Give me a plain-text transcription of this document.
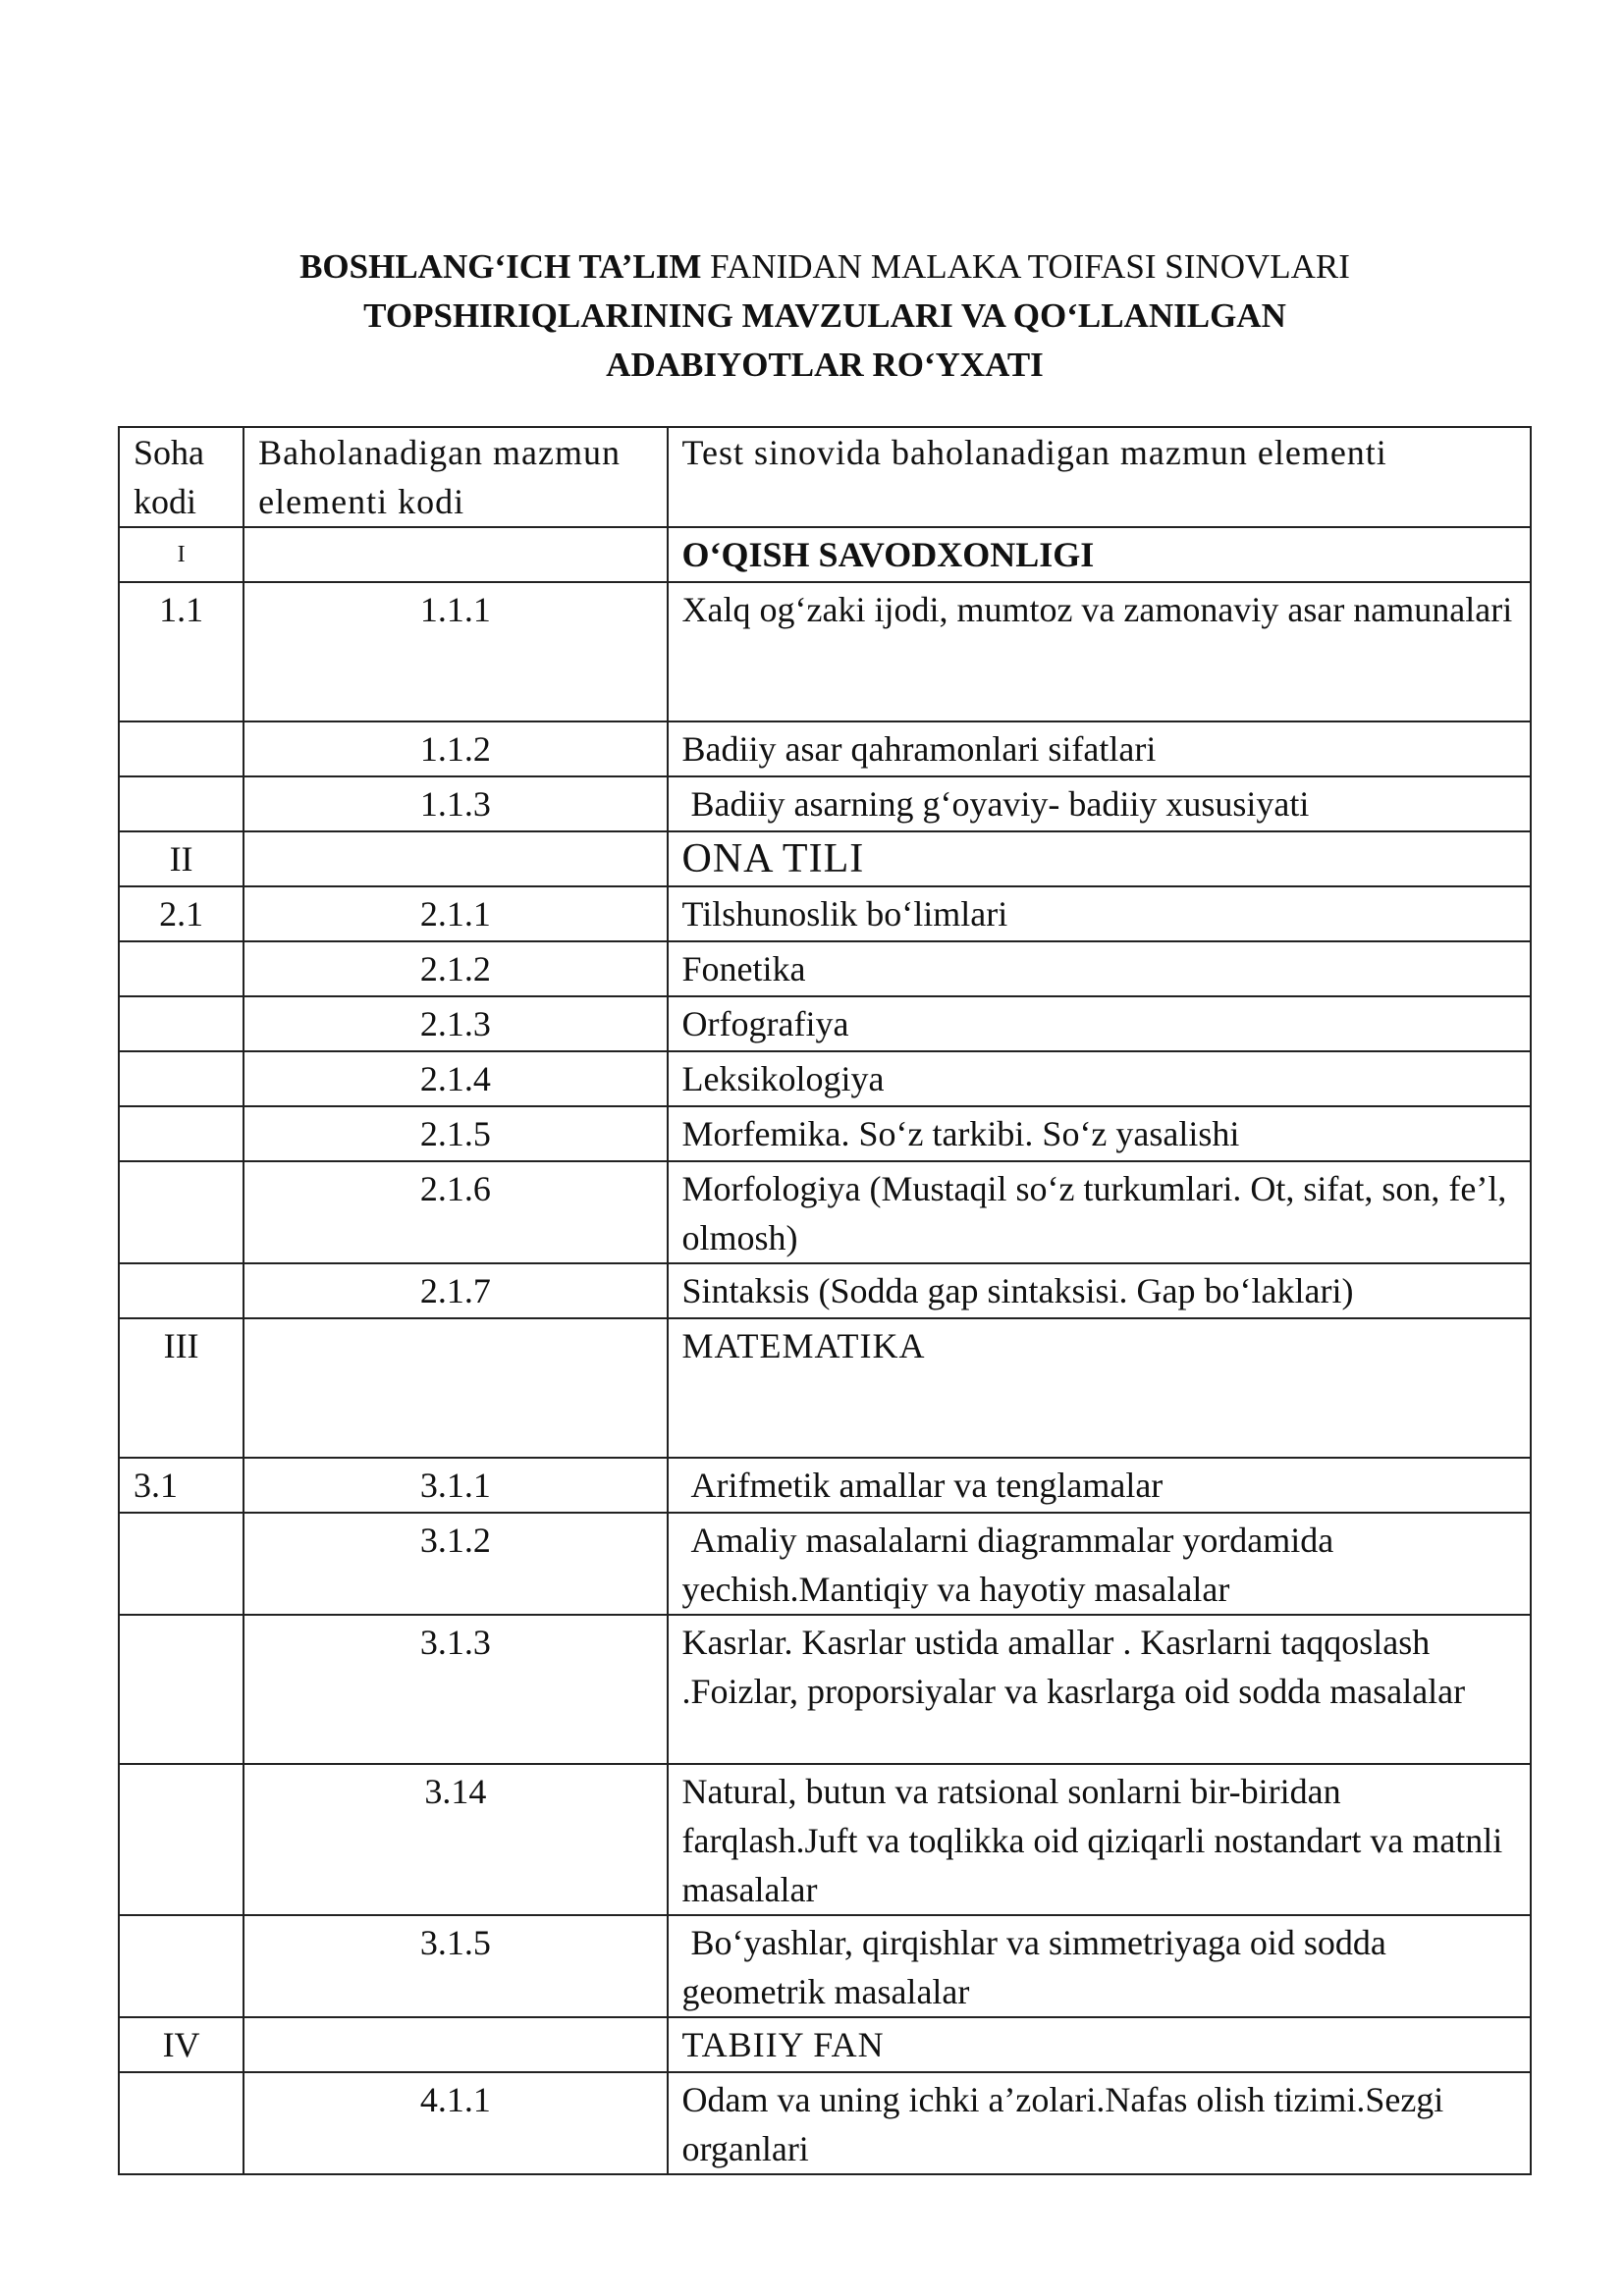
BOSHLANG‘ICH TA’LIM FANIDAN MALAKA TOIFASI SINOVLARI
TOPSHIRIQLARINING MAVZULARI VA QO‘LLANILGAN
ADABIYOTLAR RO‘YXATI
Soha kodi	Baholanadigan mazmun elementi kodi	Test sinovida baholanadigan mazmun elementi
I		O‘QISH SAVODXONLIGI
1.1	1.1.1	Xalq og‘zaki ijodi, mumtoz va zamonaviy asar namunalari
	1.1.2	Badiiy asar qahramonlari sifatlari
	1.1.3	Badiiy asarning g‘oyaviy- badiiy xususiyati
II		ONA TILI
2.1	2.1.1	Tilshunoslik bo‘limlari
	2.1.2	Fonetika
	2.1.3	Orfografiya
	2.1.4	Leksikologiya
	2.1.5	Morfemika. So‘z tarkibi. So‘z yasalishi
	2.1.6	Morfologiya (Mustaqil so‘z turkumlari. Ot, sifat, son, fe’l, olmosh)
	2.1.7	Sintaksis (Sodda gap sintaksisi. Gap bo‘laklari)
III		MATEMATIKA
3.1	3.1.1	Arifmetik amallar va tenglamalar
	3.1.2	Amaliy masalalarni diagrammalar yordamida yechish.Mantiqiy va hayotiy masalalar
	3.1.3	Kasrlar. Kasrlar ustida amallar . Kasrlarni taqqoslash .Foizlar, proporsiyalar va kasrlarga oid sodda masalalar
	3.14	Natural, butun va ratsional sonlarni bir-biridan farqlash.Juft va toqlikka oid qiziqarli nostandart va matnli masalalar
	3.1.5	Bo‘yashlar, qirqishlar va simmetriyaga oid sodda geometrik masalalar
IV		TABIIY FAN
	4.1.1	Odam va uning ichki a’zolari.Nafas olish tizimi.Sezgi organlari
